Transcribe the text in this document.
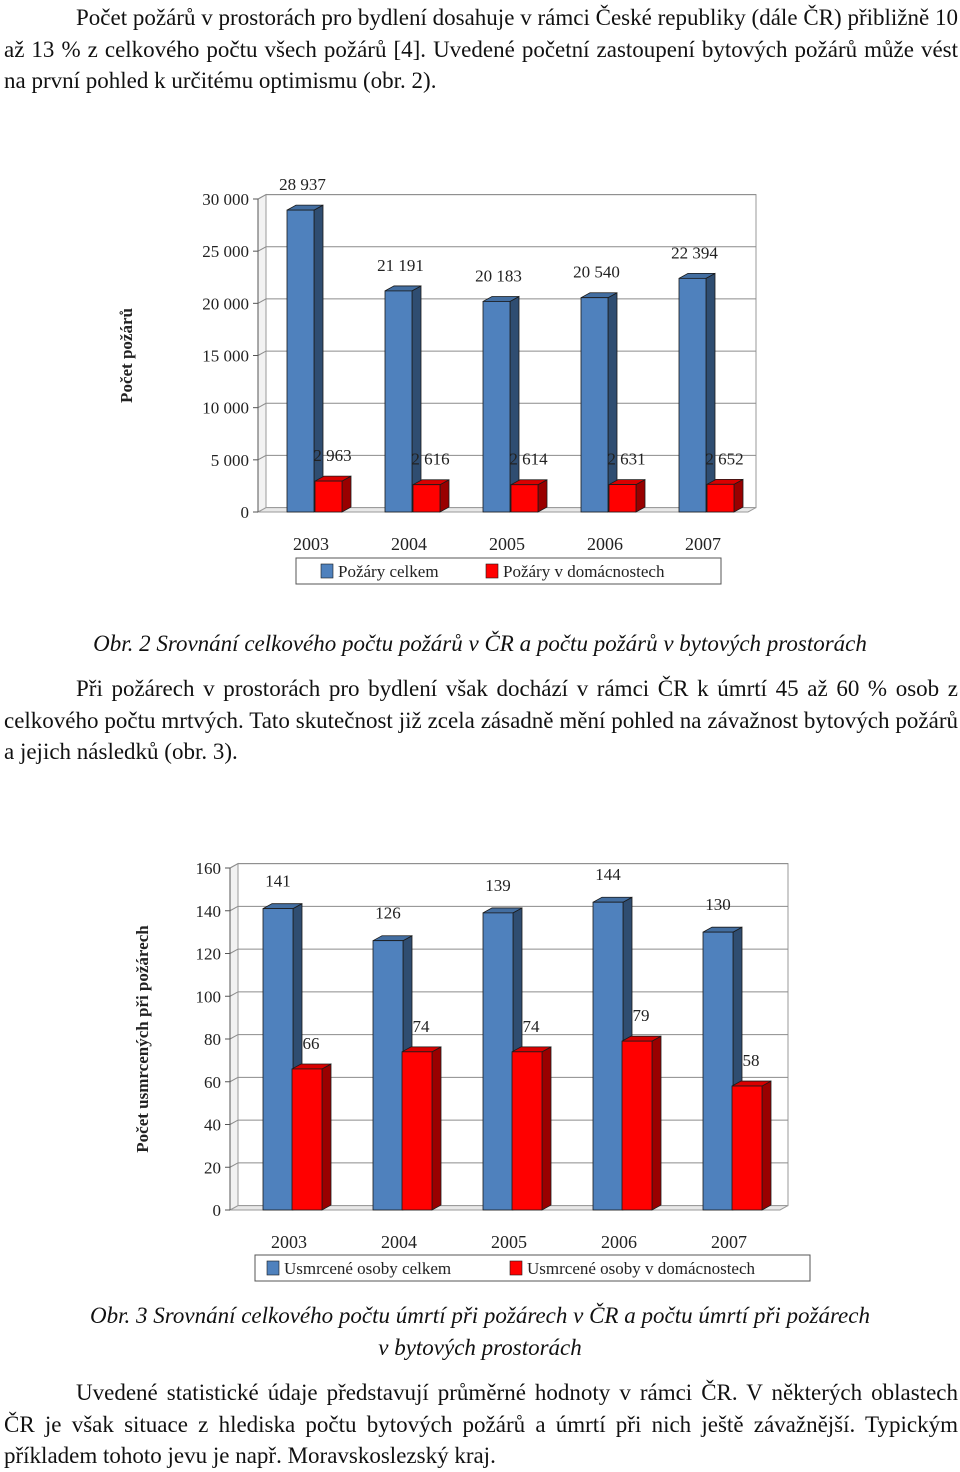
Počet požárů v prostorách pro bydlení dosahuje v rámci České republiky (dále ČR) přibližně 10 až 13 % z celkového počtu všech požárů [4]. Uvedené početní zastoupení bytových požárů může vést na první pohled k určitému optimismu (obr. 2).

0
5 000
10 000
15 000
20 000
25 000
30 000
Počet požárů
28 937
2 963
2003
21 191
2 616
2004
20 183
2 614
2005
20 540
2 631
2006
22 394
2 652
2007
Požáry celkem	Požáry v domácnostech

Obr. 2 Srovnání celkového počtu požárů v ČR a počtu požárů v bytových prostorách

Při požárech v prostorách pro bydlení však dochází v rámci ČR k úmrtí 45 až 60 % osob z celkového počtu mrtvých. Tato skutečnost již zcela zásadně mění pohled na závažnost bytových požárů a jejich následků (obr. 3).

0
20
40
60
80
100
120
140
160
Počet usmrcených při požárech
141
66
2003
126
74
2004
139
74
2005
144
79
2006
130
58
2007
Usmrcené osoby celkem	Usmrcené osoby v domácnostech

Obr. 3 Srovnání celkového počtu úmrtí při požárech v ČR a počtu úmrtí při požárech
v bytových prostorách

Uvedené statistické údaje představují průměrné hodnoty v rámci ČR. V některých oblastech ČR je však situace z hlediska počtu bytových požárů a úmrtí při nich ještě závažnější. Typickým příkladem tohoto jevu je např. Moravskoslezský kraj.
